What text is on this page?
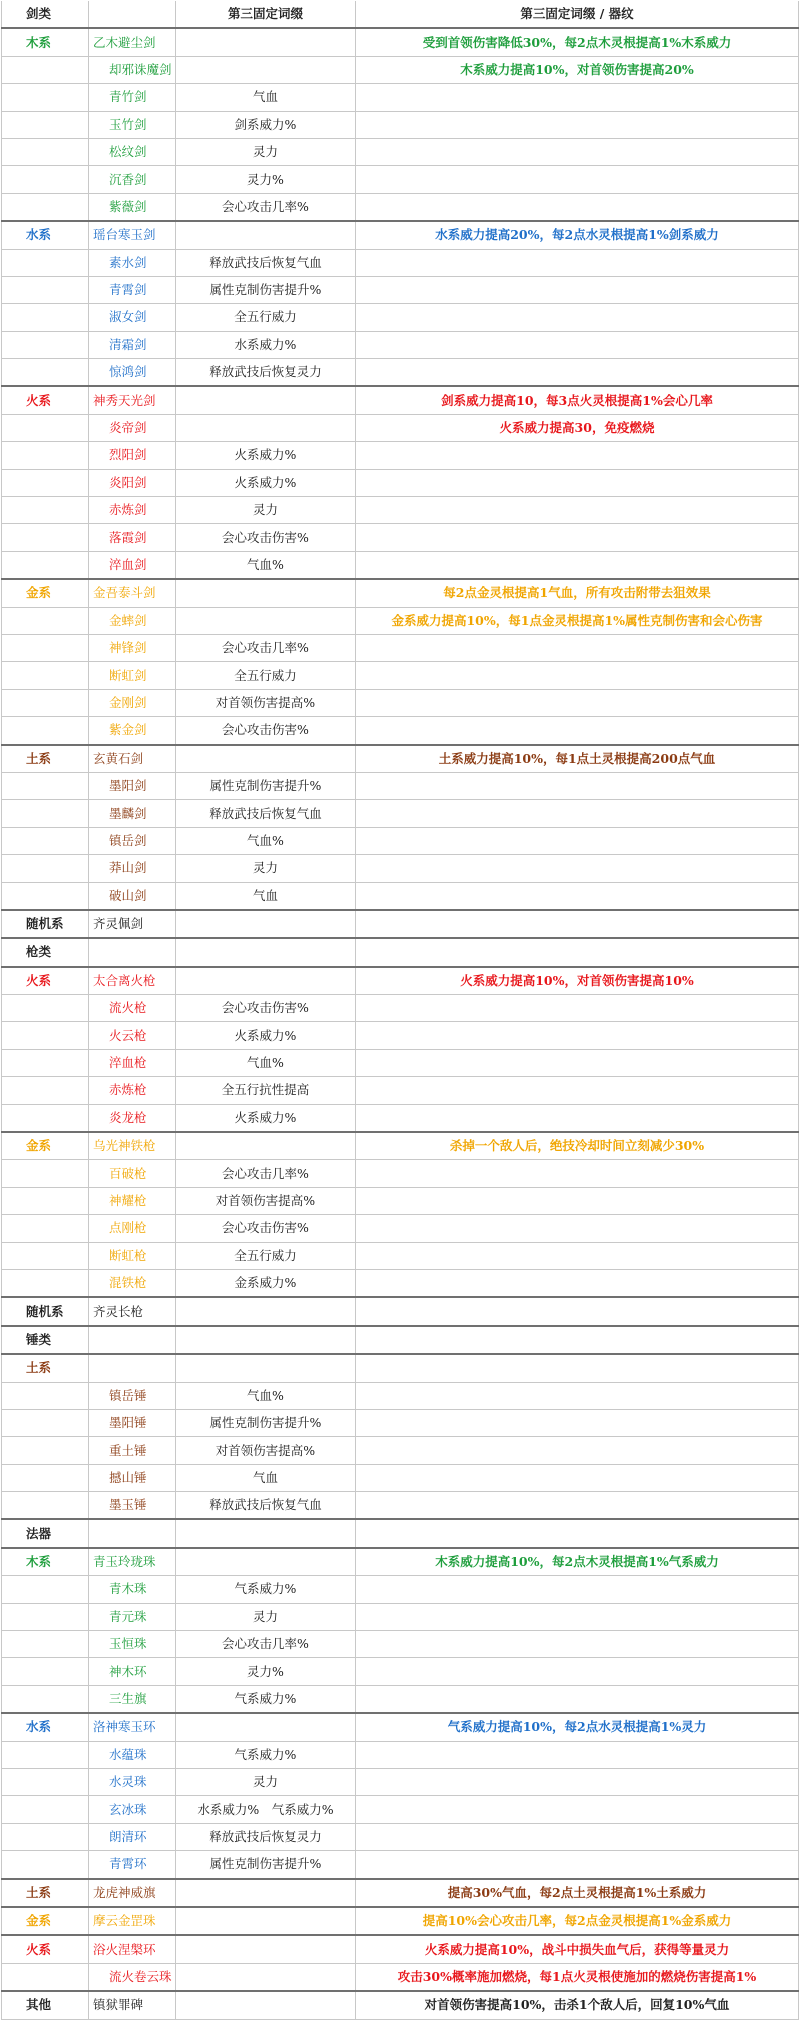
剑类		第三固定词缀	第三固定词缀 / 器纹
木系	乙木避尘剑		受到首领伤害降低30%，每2点木灵根提高1%木系威力
	却邪诛魔剑		木系威力提高10%，对首领伤害提高20%
	青竹剑	气血	
	玉竹剑	剑系威力%	
	松纹剑	灵力	
	沉香剑	灵力%	
	紫薇剑	会心攻击几率%	
水系	瑶台寒玉剑		水系威力提高20%，每2点水灵根提高1%剑系威力
	素水剑	释放武技后恢复气血	
	青霄剑	属性克制伤害提升%	
	淑女剑	全五行威力	
	清霜剑	水系威力%	
	惊鸿剑	释放武技后恢复灵力	
火系	神秀天光剑		剑系威力提高10，每3点火灵根提高1%会心几率
	炎帝剑		火系威力提高30，免疫燃烧
	烈阳剑	火系威力%	
	炎阳剑	火系威力%	
	赤炼剑	灵力	
	落霞剑	会心攻击伤害%	
	淬血剑	气血%	
金系	金吾泰斗剑		每2点金灵根提高1气血，所有攻击附带去狙效果
	金蟀剑		金系威力提高10%，每1点金灵根提高1%属性克制伤害和会心伤害
	神锋剑	会心攻击几率%	
	断虹剑	全五行威力	
	金刚剑	对首领伤害提高%	
	紫金剑	会心攻击伤害%	
土系	玄黄石剑		土系威力提高10%，每1点土灵根提高200点气血
	墨阳剑	属性克制伤害提升%	
	墨麟剑	释放武技后恢复气血	
	镇岳剑	气血%	
	莽山剑	灵力	
	破山剑	气血	
随机系	齐灵佩剑		
枪类			
火系	太合离火枪		火系威力提高10%，对首领伤害提高10%
	流火枪	会心攻击伤害%	
	火云枪	火系威力%	
	淬血枪	气血%	
	赤炼枪	全五行抗性提高	
	炎龙枪	火系威力%	
金系	乌光神铁枪		杀掉一个敌人后，绝技冷却时间立刻减少30%
	百破枪	会心攻击几率%	
	神耀枪	对首领伤害提高%	
	点刚枪	会心攻击伤害%	
	断虹枪	全五行威力	
	混铁枪	金系威力%	
随机系	齐灵长枪		
锤类			
土系			
	镇岳锤	气血%	
	墨阳锤	属性克制伤害提升%	
	重土锤	对首领伤害提高%	
	撼山锤	气血	
	墨玉锤	释放武技后恢复气血	
法器			
木系	青玉玲珑珠		木系威力提高10%，每2点木灵根提高1%气系威力
	青木珠	气系威力%	
	青元珠	灵力	
	玉恒珠	会心攻击几率%	
	神木环	灵力%	
	三生旗	气系威力%	
水系	洛神寒玉环		气系威力提高10%，每2点水灵根提高1%灵力
	水蕴珠	气系威力%	
	水灵珠	灵力	
	玄冰珠	水系威力%　气系威力%	
	朗清环	释放武技后恢复灵力	
	青霄环	属性克制伤害提升%	
土系	龙虎神威旗		提高30%气血，每2点土灵根提高1%土系威力
金系	摩云金罡珠		提高10%会心攻击几率，每2点金灵根提高1%金系威力
火系	浴火涅槃环		火系威力提高10%，战斗中损失血气后，获得等量灵力
	流火卷云珠		攻击30%概率施加燃烧，每1点火灵根使施加的燃烧伤害提高1%
其他	镇狱罪碑		对首领伤害提高10%，击杀1个敌人后，回复10%气血
